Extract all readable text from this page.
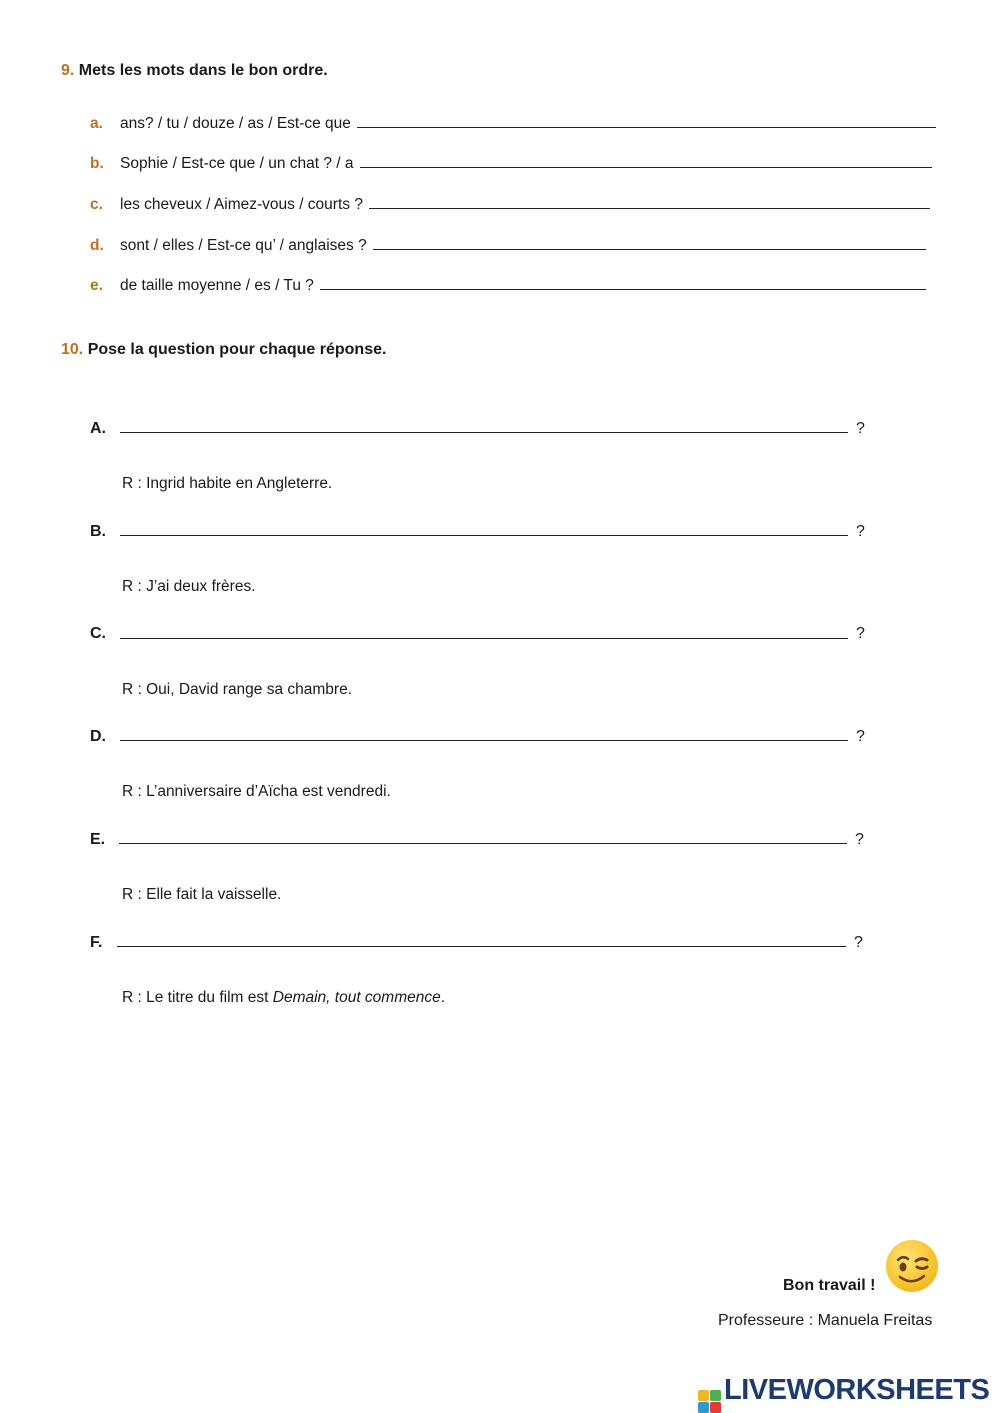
9. Mets les mots dans le bon ordre.
a.	ans? / tu / douze / as / Est-ce que
b.	Sophie / Est-ce que / un chat ? / a
c.	les cheveux / Aimez-vous / courts ?
d.	sont / elles / Est-ce qu’ / anglaises ?
e.	de taille moyenne / es / Tu ?
10. Pose la question pour chaque réponse.
A.	?
R : Ingrid habite en Angleterre.
B.	?
R : J’ai deux frères.
C.	?
R : Oui, David range sa chambre.
D.	?
R : L’anniversaire d’Aïcha est vendredi.
E.	?
R : Elle fait la vaisselle.
F.	?
R : Le titre du film est Demain, tout commence.
Bon travail !
Professeure : Manuela Freitas
LIVEWORKSHEETS
